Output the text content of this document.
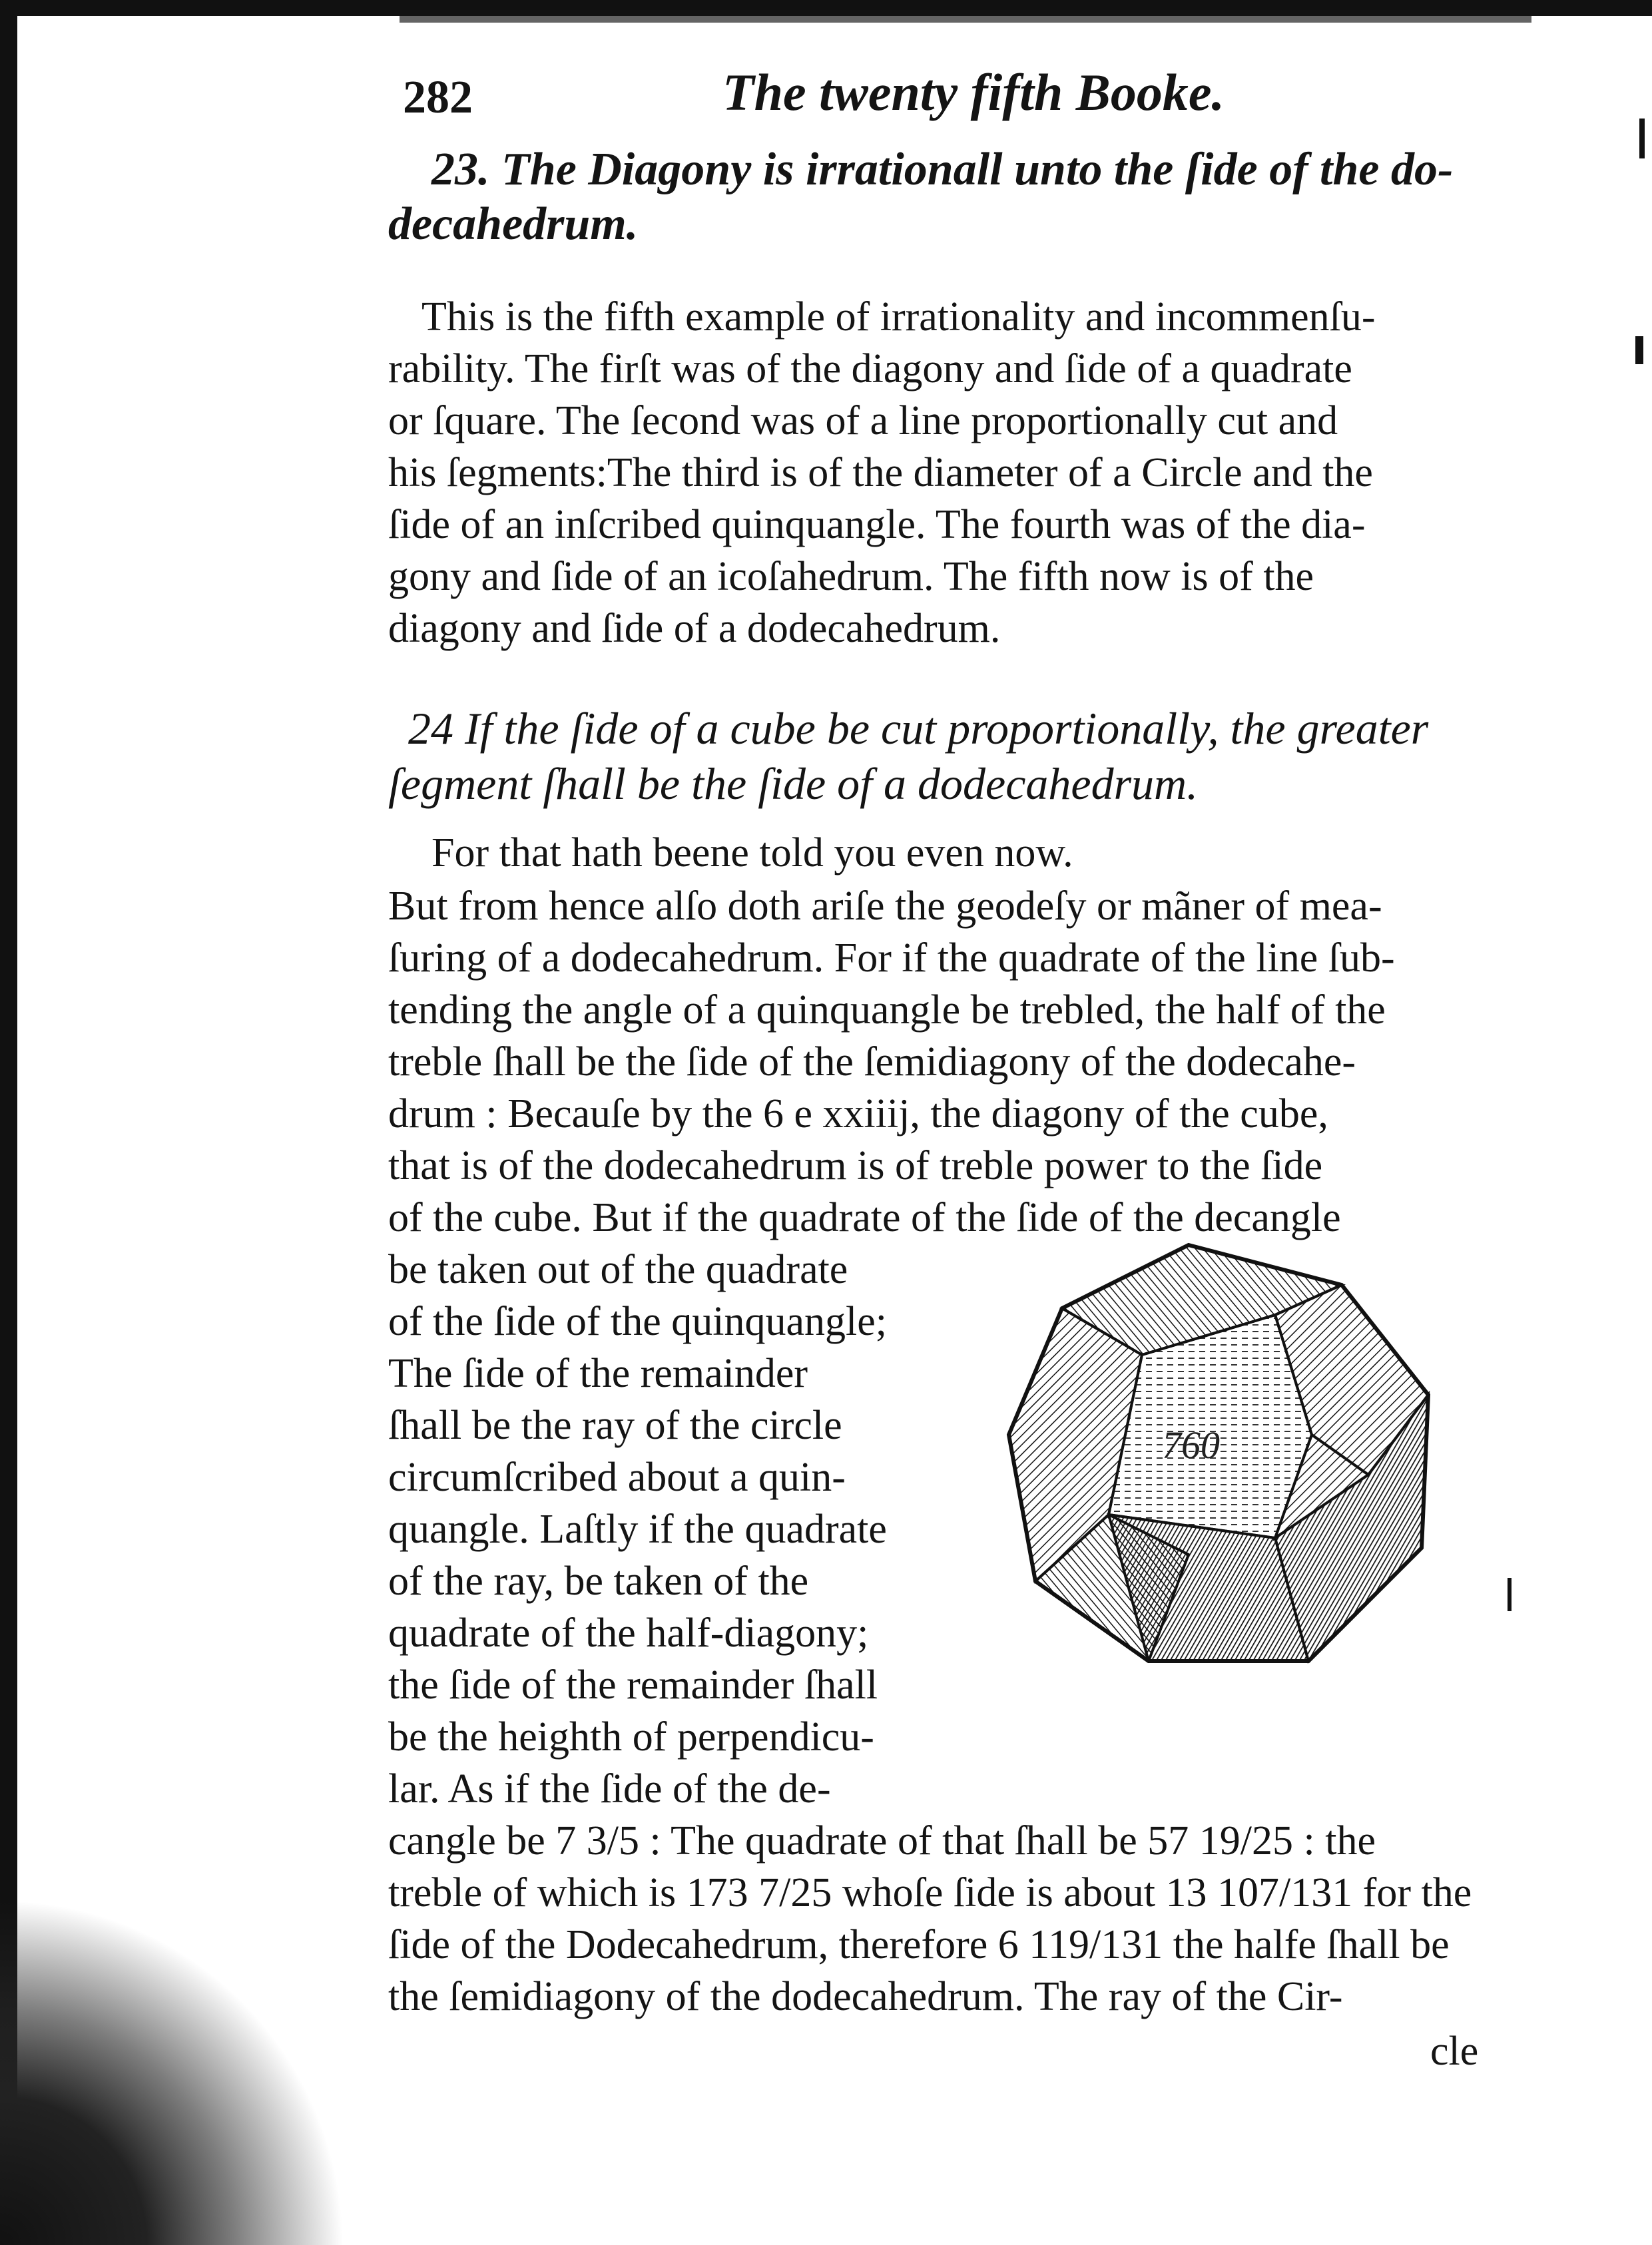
282	The twenty fifth Booke.
23. The Diagony is irrationall unto the ſide of the do-
decahedrum.
This is the fifth example of irrationality and incommenſu-
rability. The firſt was of the diagony and ſide of a quadrate
or ſquare. The ſecond was of a line proportionally cut and
his ſegments:The third is of the diameter of a Circle and the
ſide of an inſcribed quinquangle. The fourth was of the dia-
gony and ſide of an icoſahedrum. The fifth now is of the
diagony and ſide of a dodecahedrum.
24 If the ſide of a cube be cut proportionally, the greater
ſegment ſhall be the ſide of a dodecahedrum.
For that hath beene told you even now.
But from hence alſo doth ariſe the geodeſy or mãner of mea-
ſuring of a dodecahedrum. For if the quadrate of the line ſub-
tending the angle of a quinquangle be trebled, the half of the
treble ſhall be the ſide of the ſemidiagony of the dodecahe-
drum : Becauſe by the 6 e xxiiij, the diagony of the cube,
that is of the dodecahedrum is of treble power to the ſide
of the cube. But if the quadrate of the ſide of the decangle
be taken out of the quadrate
of the ſide of the quinquangle;
The ſide of the remainder
ſhall be the ray of the circle
circumſcribed about a quin-
quangle. Laſtly if the quadrate
of the ray, be taken of the
quadrate of the half-diagony;
the ſide of the remainder ſhall
be the heighth of perpendicu-
lar. As if the ſide of the de-
cangle be 7 3/5 : The quadrate of that ſhall be 57 19/25 : the
treble of which is 173 7/25 whoſe ſide is about 13 107/131 for the
ſide of the Dodecahedrum, therefore 6 119/131 the halfe ſhall be
the ſemidiagony of the dodecahedrum. The ray of the Cir-
cle
760
